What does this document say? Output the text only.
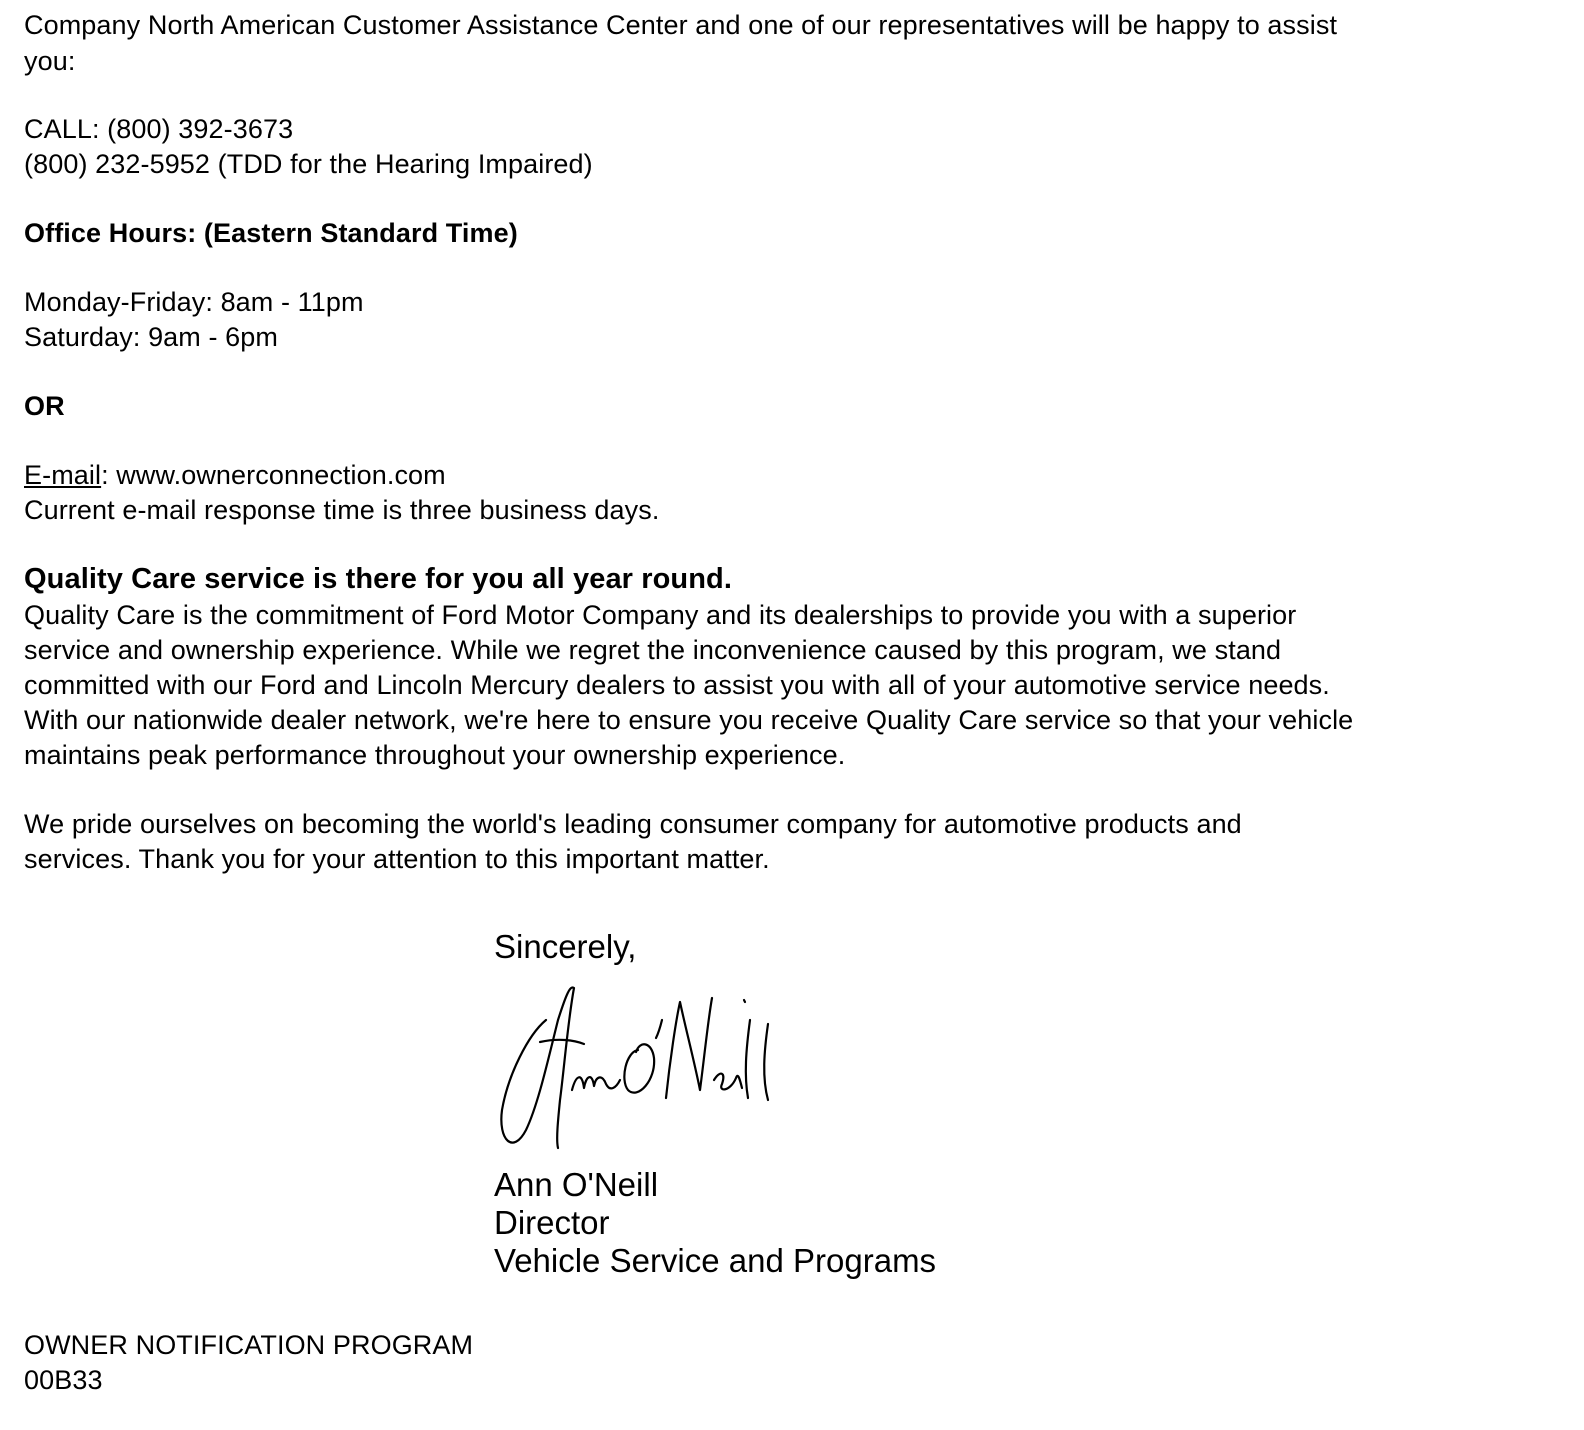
Company North American Customer Assistance Center and one of our representatives will be happy to assist
you:
CALL: (800) 392-3673
(800) 232-5952 (TDD for the Hearing Impaired)
Office Hours: (Eastern Standard Time)
Monday-Friday: 8am - 11pm
Saturday: 9am - 6pm
OR
E-mail: www.ownerconnection.com
Current e-mail response time is three business days.
Quality Care service is there for you all year round.
Quality Care is the commitment of Ford Motor Company and its dealerships to provide you with a superior
service and ownership experience. While we regret the inconvenience caused by this program, we stand
committed with our Ford and Lincoln Mercury dealers to assist you with all of your automotive service needs.
With our nationwide dealer network, we're here to ensure you receive Quality Care service so that your vehicle
maintains peak performance throughout your ownership experience.
We pride ourselves on becoming the world's leading consumer company for automotive products and
services. Thank you for your attention to this important matter.
Sincerely,
Ann O'Neill
Ann O'Neill
Director
Vehicle Service and Programs
OWNER NOTIFICATION PROGRAM
00B33
